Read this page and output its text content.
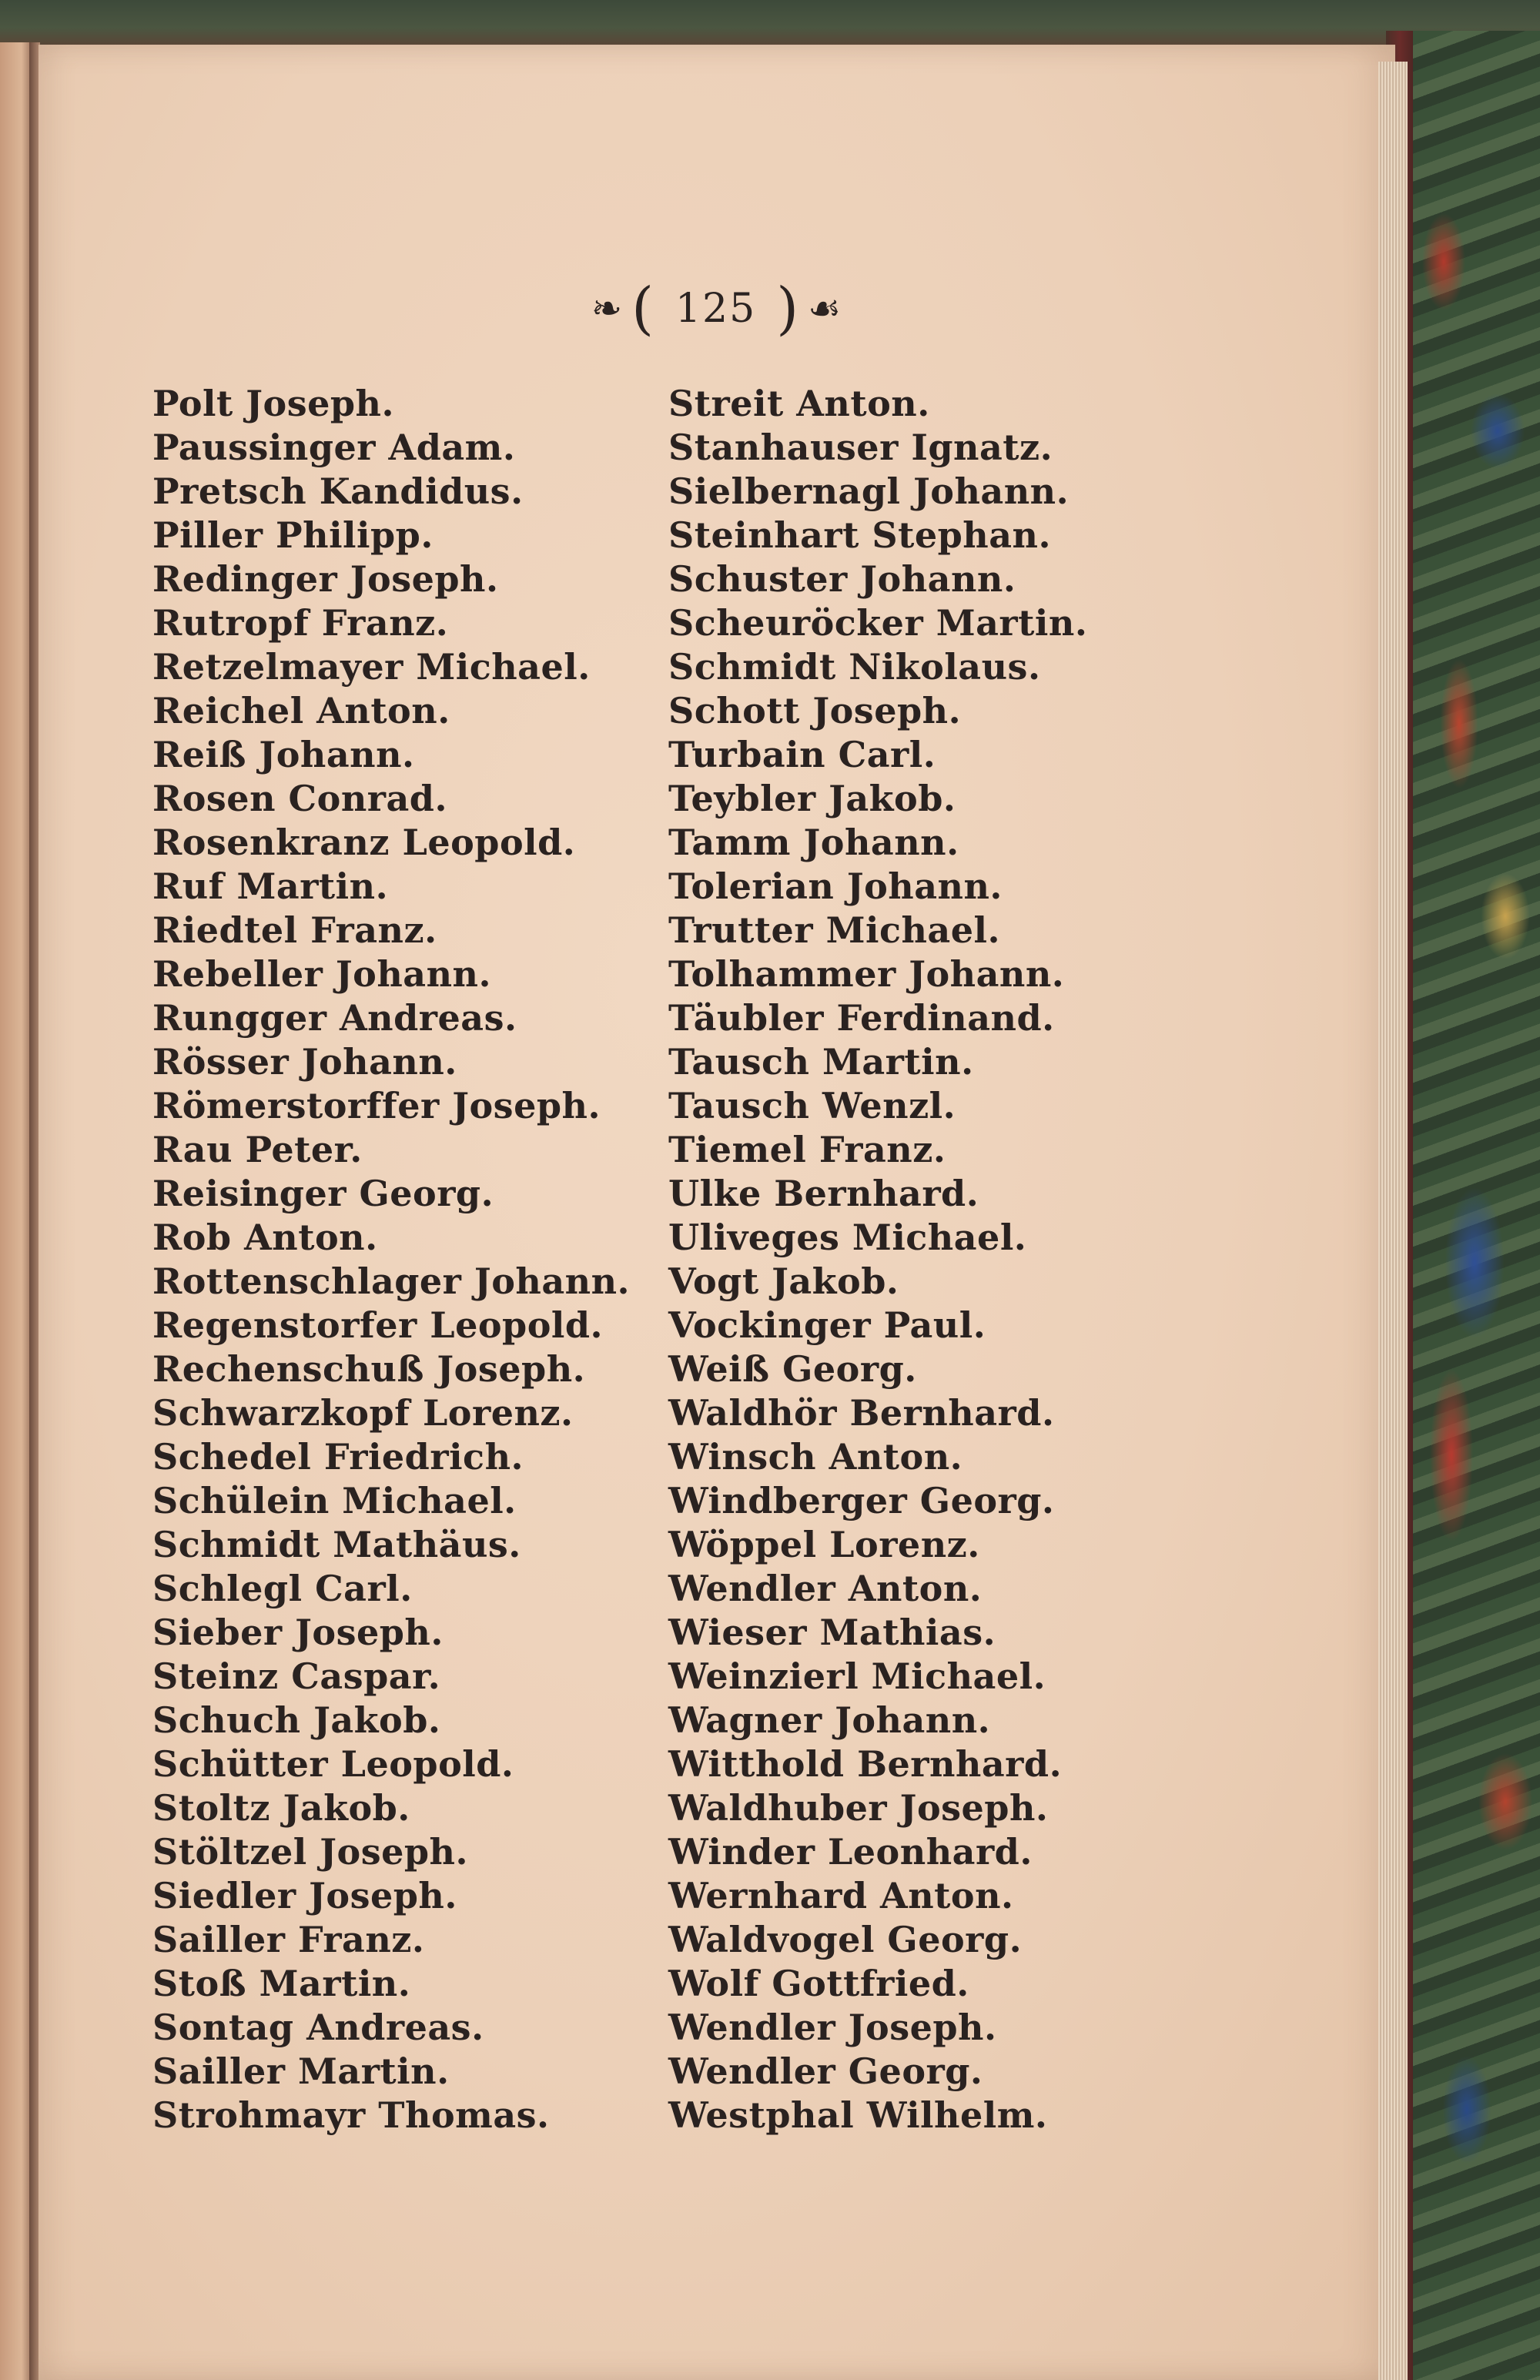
❧ ( 125 ) ☙
Polt Joseph.
Paussinger Adam.
Pretsch Kandidus.
Piller Philipp.
Redinger Joseph.
Rutropf Franz.
Retzelmayer Michael.
Reichel Anton.
Reiß Johann.
Rosen Conrad.
Rosenkranz Leopold.
Ruf Martin.
Riedtel Franz.
Rebeller Johann.
Rungger Andreas.
Rösser Johann.
Römerstorffer Joseph.
Rau Peter.
Reisinger Georg.
Rob Anton.
Rottenschlager Johann.
Regenstorfer Leopold.
Rechenschuß Joseph.
Schwarzkopf Lorenz.
Schedel Friedrich.
Schülein Michael.
Schmidt Mathäus.
Schlegl Carl.
Sieber Joseph.
Steinz Caspar.
Schuch Jakob.
Schütter Leopold.
Stoltz Jakob.
Stöltzel Joseph.
Siedler Joseph.
Sailler Franz.
Stoß Martin.
Sontag Andreas.
Sailler Martin.
Strohmayr Thomas.
Streit Anton.
Stanhauser Ignatz.
Sielbernagl Johann.
Steinhart Stephan.
Schuster Johann.
Scheuröcker Martin.
Schmidt Nikolaus.
Schott Joseph.
Turbain Carl.
Teybler Jakob.
Tamm Johann.
Tolerian Johann.
Trutter Michael.
Tolhammer Johann.
Täubler Ferdinand.
Tausch Martin.
Tausch Wenzl.
Tiemel Franz.
Ulke Bernhard.
Uliveges Michael.
Vogt Jakob.
Vockinger Paul.
Weiß Georg.
Waldhör Bernhard.
Winsch Anton.
Windberger Georg.
Wöppel Lorenz.
Wendler Anton.
Wieser Mathias.
Weinzierl Michael.
Wagner Johann.
Witthold Bernhard.
Waldhuber Joseph.
Winder Leonhard.
Wernhard Anton.
Waldvogel Georg.
Wolf Gottfried.
Wendler Joseph.
Wendler Georg.
Westphal Wilhelm.
